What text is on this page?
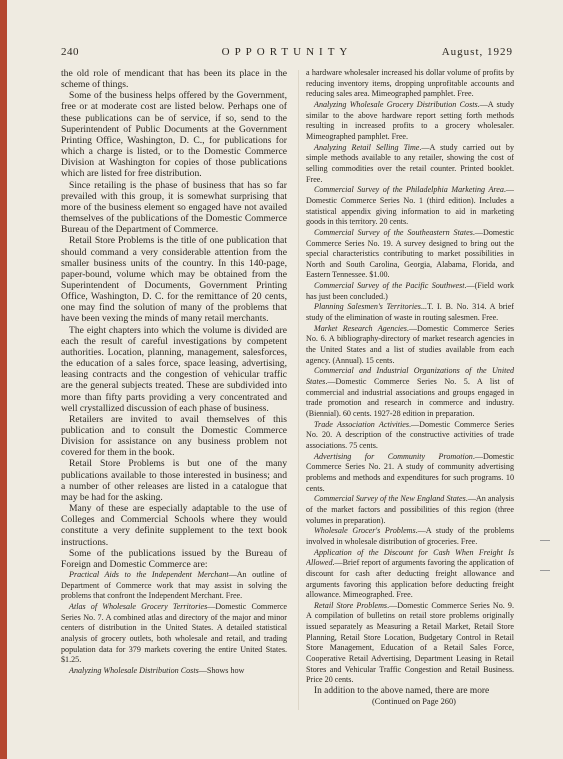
240	OPPORTUNITY	August, 1929

the old role of mendicant that has been its place in the scheme of things.

Some of the business helps offered by the Government, free or at moderate cost are listed below. Perhaps one of these publications can be of service, if so, send to the Superintendent of Public Documents at the Government Printing Office, Washington, D. C., for publications for which a charge is listed, or to the Domestic Commerce Division at Washington for copies of those publications which are listed for free distribution.

Since retailing is the phase of business that has so far prevailed with this group, it is somewhat surprising that more of the business element so engaged have not availed themselves of the publications of the Domestic Commerce Bureau of the Department of Commerce.

Retail Store Problems is the title of one publication that should command a very considerable attention from the smaller business units of the country. In this 140-page, paper-bound, volume which may be obtained from the Superintendent of Documents, Government Printing Office, Washington, D. C. for the remittance of 20 cents, one may find the solution of many of the problems that have been vexing the minds of many retail merchants.

The eight chapters into which the volume is divided are each the result of careful investigations by competent authorities. Location, planning, management, salesforces, the education of a sales force, space leasing, advertising, leasing contracts and the congestion of vehicular traffic are the general subjects treated. These are subdivided into more than fifty parts providing a very concentrated and well crystallized discussion of each phase of business.

Retailers are invited to avail themselves of this publication and to consult the Domestic Commerce Division for assistance on any business problem not covered for them in the book.

Retail Store Problems is but one of the many publications available to those interested in business; and a number of other releases are listed in a catalogue that may be had for the asking.

Many of these are especially adaptable to the use of Colleges and Commercial Schools where they would constitute a very definite supplement to the text book instructions.

Some of the publications issued by the Bureau of Foreign and Domestic Commerce are:

Practical Aids to the Independent Merchant—An outline of Department of Commerce work that may assist in solving the problems that confront the Independent Merchant. Free.

Atlas of Wholesale Grocery Territories—Domestic Commerce Series No. 7. A combined atlas and directory of the major and minor centers of distribution in the United States. A detailed statistical analysis of grocery outlets, both wholesale and retail, and trading population data for 379 markets covering the entire United States. $1.25.

Analyzing Wholesale Distribution Costs—Shows how

a hardware wholesaler increased his dollar volume of profits by reducing inventory items, dropping unprofitable accounts and reducing sales area. Mimeographed pamphlet. Free.

Analyzing Wholesale Grocery Distribution Costs.—A study similar to the above hardware report setting forth methods resulting in increased profits to a grocery wholesaler. Mimeographed pamphlet. Free.

Analyzing Retail Selling Time.—A study carried out by simple methods available to any retailer, showing the cost of selling commodities over the retail counter. Printed booklet. Free.

Commercial Survey of the Philadelphia Marketing Area.—Domestic Commerce Series No. 1 (third edition). Includes a statistical appendix giving information to aid in marketing goods in this territory. 20 cents.

Commercial Survey of the Southeastern States.—Domestic Commerce Series No. 19. A survey designed to bring out the special characteristics contributing to market possibilities in North and South Carolina, Georgia, Alabama, Florida, and Eastern Tennessee. $1.00.

Commercial Survey of the Pacific Southwest.—(Field work has just been concluded.)

Planning Salesmen's Territories...T. I. B. No. 314. A brief study of the elimination of waste in routing salesmen. Free.

Market Research Agencies.—Domestic Commerce Series No. 6. A bibliography-directory of market research agencies in the United States and a list of studies available from each agency. (Annual). 15 cents.

Commercial and Industrial Organizations of the United States.—Domestic Commerce Series No. 5. A list of commercial and industrial associations and groups engaged in trade promotion and research in commerce and industry. (Biennial). 60 cents. 1927-28 edition in preparation.

Trade Association Activities.—Domestic Commerce Series No. 20. A description of the constructive activities of trade associations. 75 cents.

Advertising for Community Promotion.—Domestic Commerce Series No. 21. A study of community advertising problems and methods and expenditures for such programs. 10 cents.

Commercial Survey of the New England States.—An analysis of the market factors and possibilities of this region (three volumes in preparation).

Wholesale Grocer's Problems.—A study of the problems involved in wholesale distribution of groceries. Free.

Application of the Discount for Cash When Freight Is Allowed.—Brief report of arguments favoring the application of discount for cash after deducting freight allowance and arguments favoring this application before deducting freight allowance. Mimeographed. Free.

Retail Store Problems.—Domestic Commerce Series No. 9. A compilation of bulletins on retail store problems originally issued separately as Measuring a Retail Market, Retail Store Planning, Retail Store Location, Budgetary Control in Retail Store Management, Education of a Retail Sales Force, Cooperative Retail Advertising, Department Leasing in Retail Stores and Vehicular Traffic Congestion and Retail Business. Price 20 cents.

In addition to the above named, there are more

(Continued on Page 260)
